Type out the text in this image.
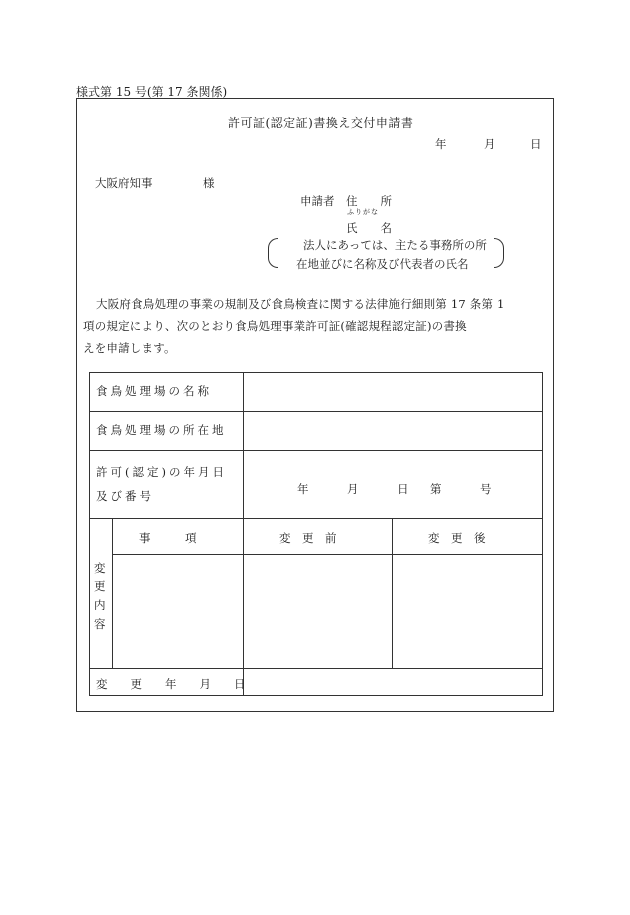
様式第 15 号(第 17 条関係)
許可証(認定証)書換え交付申請書
年	月	日
大阪府知事	様
申請者 住　　所
ふりがな
氏　　名
法人にあっては、主たる事務所の所
在地並びに名称及び代表者の氏名
大阪府食鳥処理の事業の規制及び食鳥検査に関する法律施行細則第 17 条第 1
項の規定により、次のとおり食鳥処理事業許可証(確認規程認定証)の書換
えを申請します。
食鳥処理場の名称
食鳥処理場の所在地
許可(認定)の年月日
及び番号	年	月	日 第	号
変
更
内
容
事　　　項	変　更　前	変　更　後
変　　更　　年　　月　　日
